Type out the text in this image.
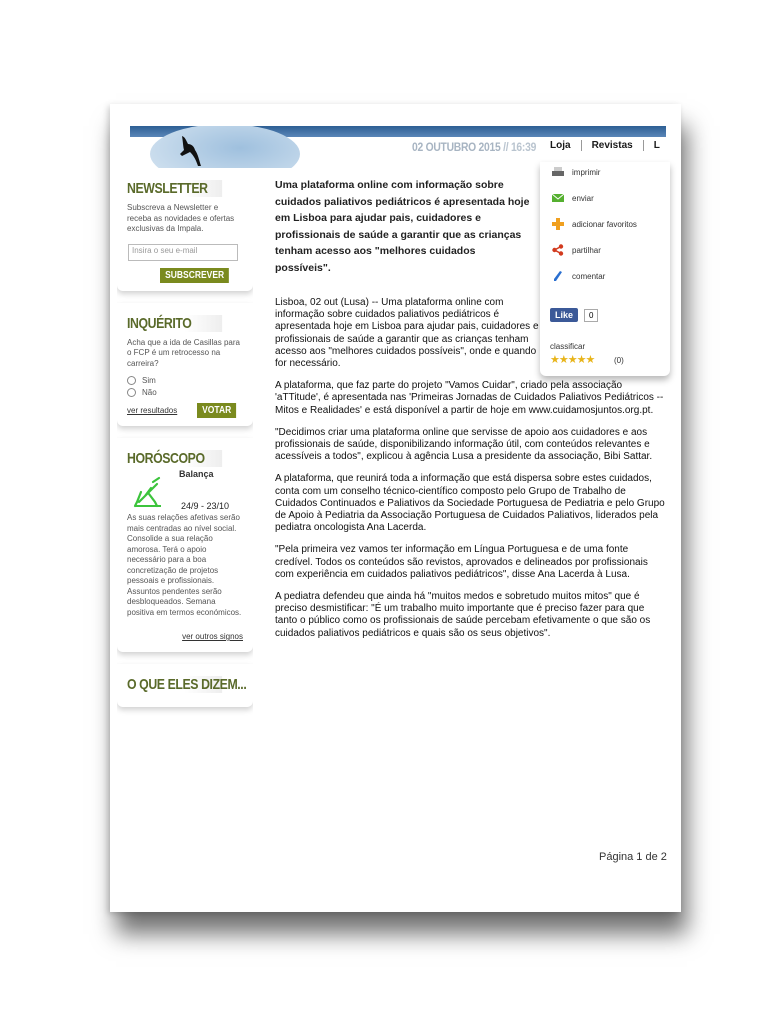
02 OUTUBRO 2015 // 16:39 Loja Revistas L
NEWSLETTER
Subscreva a Newsletter e receba as novidades e ofertas exclusivas da Impala.
Insira o seu e-mail
SUBSCREVER
INQUÉRITO
Acha que a ida de Casillas para o FCP é um retrocesso na carreira?
Sim
Não
ver resultados	VOTAR
HORÓSCOPO
Balança
24/9 - 23/10
As suas relações afetivas serão mais centradas ao nível social. Consolide a sua relação amorosa. Terá o apoio necessário para a boa concretização de projetos pessoais e profissionais. Assuntos pendentes serão desbloqueados. Semana positiva em termos económicos.
ver outros signos
O QUE ELES DIZEM...
Uma plataforma online com informação sobre cuidados paliativos pediátricos é apresentada hoje em Lisboa para ajudar pais, cuidadores e profissionais de saúde a garantir que as crianças tenham acesso aos "melhores cuidados possíveis".
Lisboa, 02 out (Lusa) -- Uma plataforma online com informação sobre cuidados paliativos pediátricos é apresentada hoje em Lisboa para ajudar pais, cuidadores e profissionais de saúde a garantir que as crianças tenham acesso aos "melhores cuidados possíveis", onde e quando for necessário.
A plataforma, que faz parte do projeto "Vamos Cuidar", criado pela associação 'aTTitude', é apresentada nas 'Primeiras Jornadas de Cuidados Paliativos Pediátricos -- Mitos e Realidades' e está disponível a partir de hoje em www.cuidamosjuntos.org.pt.
"Decidimos criar uma plataforma online que servisse de apoio aos cuidadores e aos profissionais de saúde, disponibilizando informação útil, com conteúdos relevantes e acessíveis a todos", explicou à agência Lusa a presidente da associação, Bibi Sattar.
A plataforma, que reunirá toda a informação que está dispersa sobre estes cuidados, conta com um conselho técnico-científico composto pelo Grupo de Trabalho de Cuidados Continuados e Paliativos da Sociedade Portuguesa de Pediatria e pelo Grupo de Apoio à Pediatria da Associação Portuguesa de Cuidados Paliativos, liderados pela pediatra oncologista Ana Lacerda.
"Pela primeira vez vamos ter informação em Língua Portuguesa e de uma fonte credível. Todos os conteúdos são revistos, aprovados e delineados por profissionais com experiência em cuidados paliativos pediátricos", disse Ana Lacerda à Lusa.
A pediatra defendeu que ainda há "muitos medos e sobretudo muitos mitos" que é preciso desmistificar: "É um trabalho muito importante que é preciso fazer para que tanto o público como os profissionais de saúde percebam efetivamente o que são os cuidados paliativos pediátricos e quais são os seus objetivos".
imprimir
enviar
adicionar favoritos
partilhar
comentar
Like	0
classificar
★★★★★ (0)
Página 1 de 2
